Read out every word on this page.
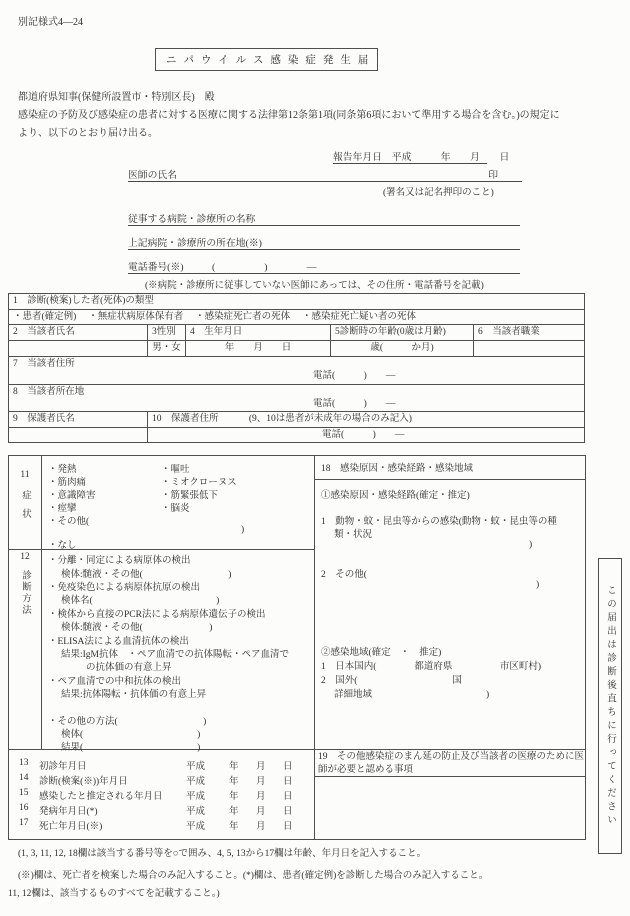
別記様式4―24
ニパウイルス感染症発生届
都道府県知事(保健所設置市・特別区長)　殿
感染症の予防及び感染症の患者に対する医療に関する法律第12条第1項(同条第6項において準用する場合を含む。)の規定に
より、以下のとおり届け出る。
報告年月日　平成　　　年　　月　　日
医師の氏名	印
(署名又は記名押印のこと)
従事する病院・診療所の名称
上記病院・診療所の所在地(※)
電話番号(※)	(　　　　　)　　　　―
(※病院・診療所に従事していない医師にあっては、その住所・電話番号を記載)
1　診断(検案)した者(死体)の類型				
・患者(確定例)　 ・無症状病原体保有者　 ・感染症死亡者の死体　 ・感染症死亡疑い者の死体				
2　当該者氏名	3性別	4　生年月日	5診断時の年齢(0歳は月齢)	6　当該者職業
	男・女	年　　月　　日	歳(　　　か月)	

7　当該者住所
電話(　　　)　　―				

8　当該者所在地
電話(　　　)　　―				

9　保護者氏名	10　保護者住所 (9、10は患者が未成年の場合のみ記入)			

	電話(　　　)　　―			
11
症状
・発熱	・嘔吐
・筋肉痛	・ミオクローヌス
・意識障害	・筋緊張低下
・痙攣	・脳炎
・その他(
)
・なし
12
診断方法
・分離・同定による病原体の検出
検体:髄液・その他(　　　　　　　　　)
・免疫染色による病原体抗原の検出
検体名(　　　　　　　　　　　　　)
・検体から直接のPCR法による病原体遺伝子の検出
検体:髄液・その他(　　　　　　　)
・ELISA法による血清抗体の検出
結果:IgM抗体　・ペア血清での抗体陽転・ペア血清で
の抗体価の有意上昇
・ペア血清での中和抗体の検出
結果:抗体陽転・抗体価の有意上昇
・その他の方法(　　　　　　　　　)
検体(　　　　　　　　　　　　)
結果(　　　　　　　　　　　　)
13 初診年月日	平成	年 月 日
14 診断(検案(※))年月日	平成	年 月 日
15 感染したと推定される年月日 平成	年 月 日
16 発病年月日(*)	平成	年 月 日
17 死亡年月日(※)	平成	年 月 日
18　感染原因・感染経路・感染地域
①感染原因・感染経路(確定・推定)
1　動物・蚊・昆虫等からの感染(動物・蚊・昆虫等の種
類・状況
)
2　その他(
)
②感染地域(確定　・　推定)
1　日本国内(　　　　都道府県　　　　　市区町村)
2　国外(　　　　　　　　　　国
詳細地域　　　　　　　　　　　　)
19　その他感染症のまん延の防止及び当該者の医療のために医師が必要と認める事項	この届出は診断後直ちに行ってください
(1, 3, 11, 12, 18欄は該当する番号等を○で囲み、4, 5, 13から17欄は年齢、年月日を記入すること。
(※)欄は、死亡者を検案した場合のみ記入すること。(*)欄は、患者(確定例)を診断した場合のみ記入すること。
11, 12欄は、該当するものすべてを記載すること。)
